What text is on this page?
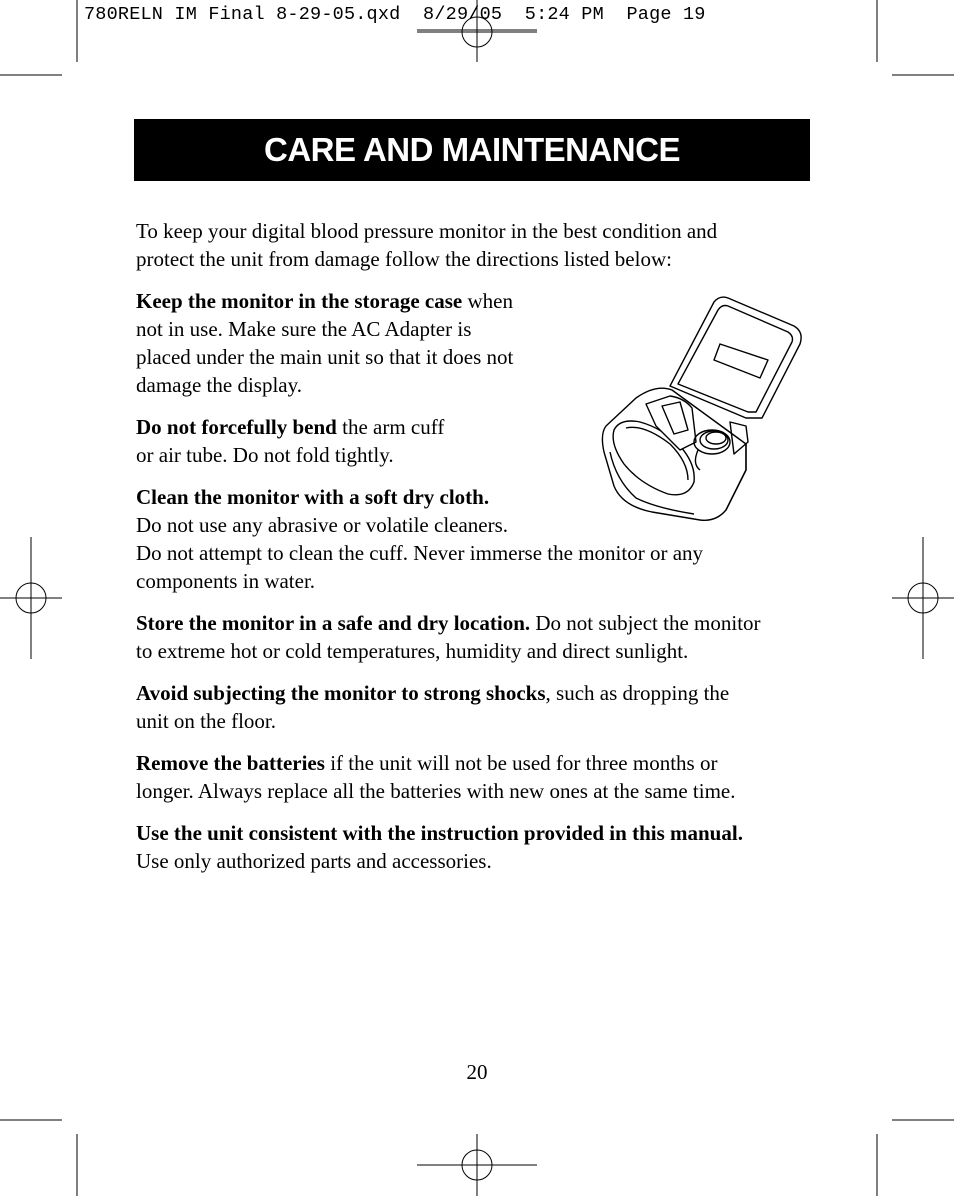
780RELN IM Final 8-29-05.qxd  8/29/05  5:24 PM  Page 19
CARE AND MAINTENANCE

To keep your digital blood pressure monitor in the best condition and
protect the unit from damage follow the directions listed below:

Keep the monitor in the storage case when
not in use. Make sure the AC Adapter is
placed under the main unit so that it does not
damage the display.

Do not forcefully bend the arm cuff
or air tube. Do not fold tightly.

Clean the monitor with a soft dry cloth.
Do not use any abrasive or volatile cleaners.
Do not attempt to clean the cuff. Never immerse the monitor or any
components in water.

Store the monitor in a safe and dry location. Do not subject the monitor
to extreme hot or cold temperatures, humidity and direct sunlight.

Avoid subjecting the monitor to strong shocks, such as dropping the
unit on the floor.

Remove the batteries if the unit will not be used for three months or
longer. Always replace all the batteries with new ones at the same time.

Use the unit consistent with the instruction provided in this manual.
Use only authorized parts and accessories.

20
